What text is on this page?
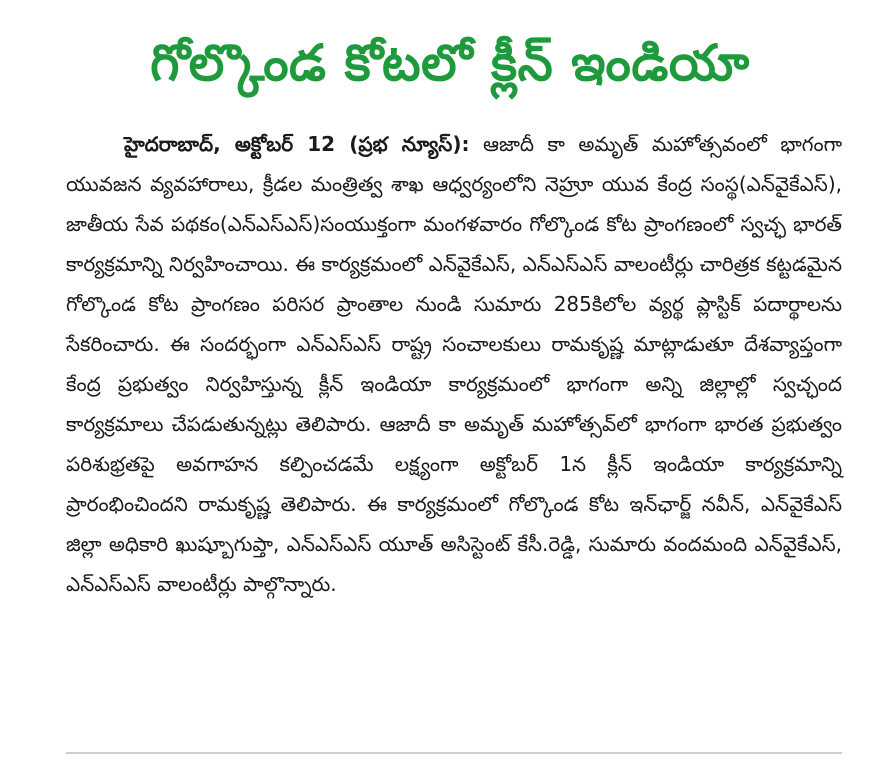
గోల్కొండ కోటలో క్లీన్ ఇండియా

హైదరాబాద్, అక్టోబర్ 12 (ప్రభ న్యూస్): ఆజాదీ కా అమృత్ మహోత్సవంలో భాగంగా యువజన వ్యవహారాలు, క్రీడల మంత్రిత్వ శాఖ ఆధ్వర్యంలోని నెహ్రూ యువ కేంద్ర సంస్థ(ఎన్‌వైకేఎస్), జాతీయ సేవ పథకం(ఎన్ఎస్ఎస్)సంయుక్తంగా మంగళవారం గోల్కొండ కోట ప్రాంగణంలో స్వచ్ఛ భారత్ కార్యక్రమాన్ని నిర్వహించాయి. ఈ కార్యక్రమంలో ఎన్‌వైకేఎస్, ఎన్ఎస్ఎస్ వాలంటీర్లు చారిత్రక కట్టడమైన గోల్కొండ కోట ప్రాంగణం పరిసర ప్రాంతాల నుండి సుమారు 285కిలోల వ్యర్థ ప్లాస్టిక్ పదార్థాలను సేకరించారు. ఈ సందర్భంగా ఎన్ఎస్ఎస్ రాష్ట్ర సంచాలకులు రామకృష్ణ మాట్లాడుతూ దేశవ్యాప్తంగా కేంద్ర ప్రభుత్వం నిర్వహిస్తున్న క్లీన్ ఇండియా కార్యక్రమంలో భాగంగా అన్ని జిల్లాల్లో స్వచ్ఛంద కార్యక్రమాలు చేపడుతున్నట్లు తెలిపారు. ఆజాదీ కా అమృత్ మహోత్సవ్‌లో భాగంగా భారత ప్రభుత్వం పరిశుభ్రతపై అవగాహన కల్పించడమే లక్ష్యంగా అక్టోబర్ 1న క్లీన్ ఇండియా కార్యక్రమాన్ని ప్రారంభించిందని రామకృష్ణ తెలిపారు. ఈ కార్యక్రమంలో గోల్కొండ కోట ఇన్‌ఛార్జ్ నవీన్, ఎన్‌వైకేఎస్ జిల్లా అధికారి ఖుష్బూగుప్తా, ఎన్ఎస్ఎస్ యూత్ అసిస్టెంట్ కేసీ.రెడ్డి, సుమారు వందమంది ఎన్‌వైకేఎస్, ఎన్ఎస్ఎస్ వాలంటీర్లు పాల్గొన్నారు.
